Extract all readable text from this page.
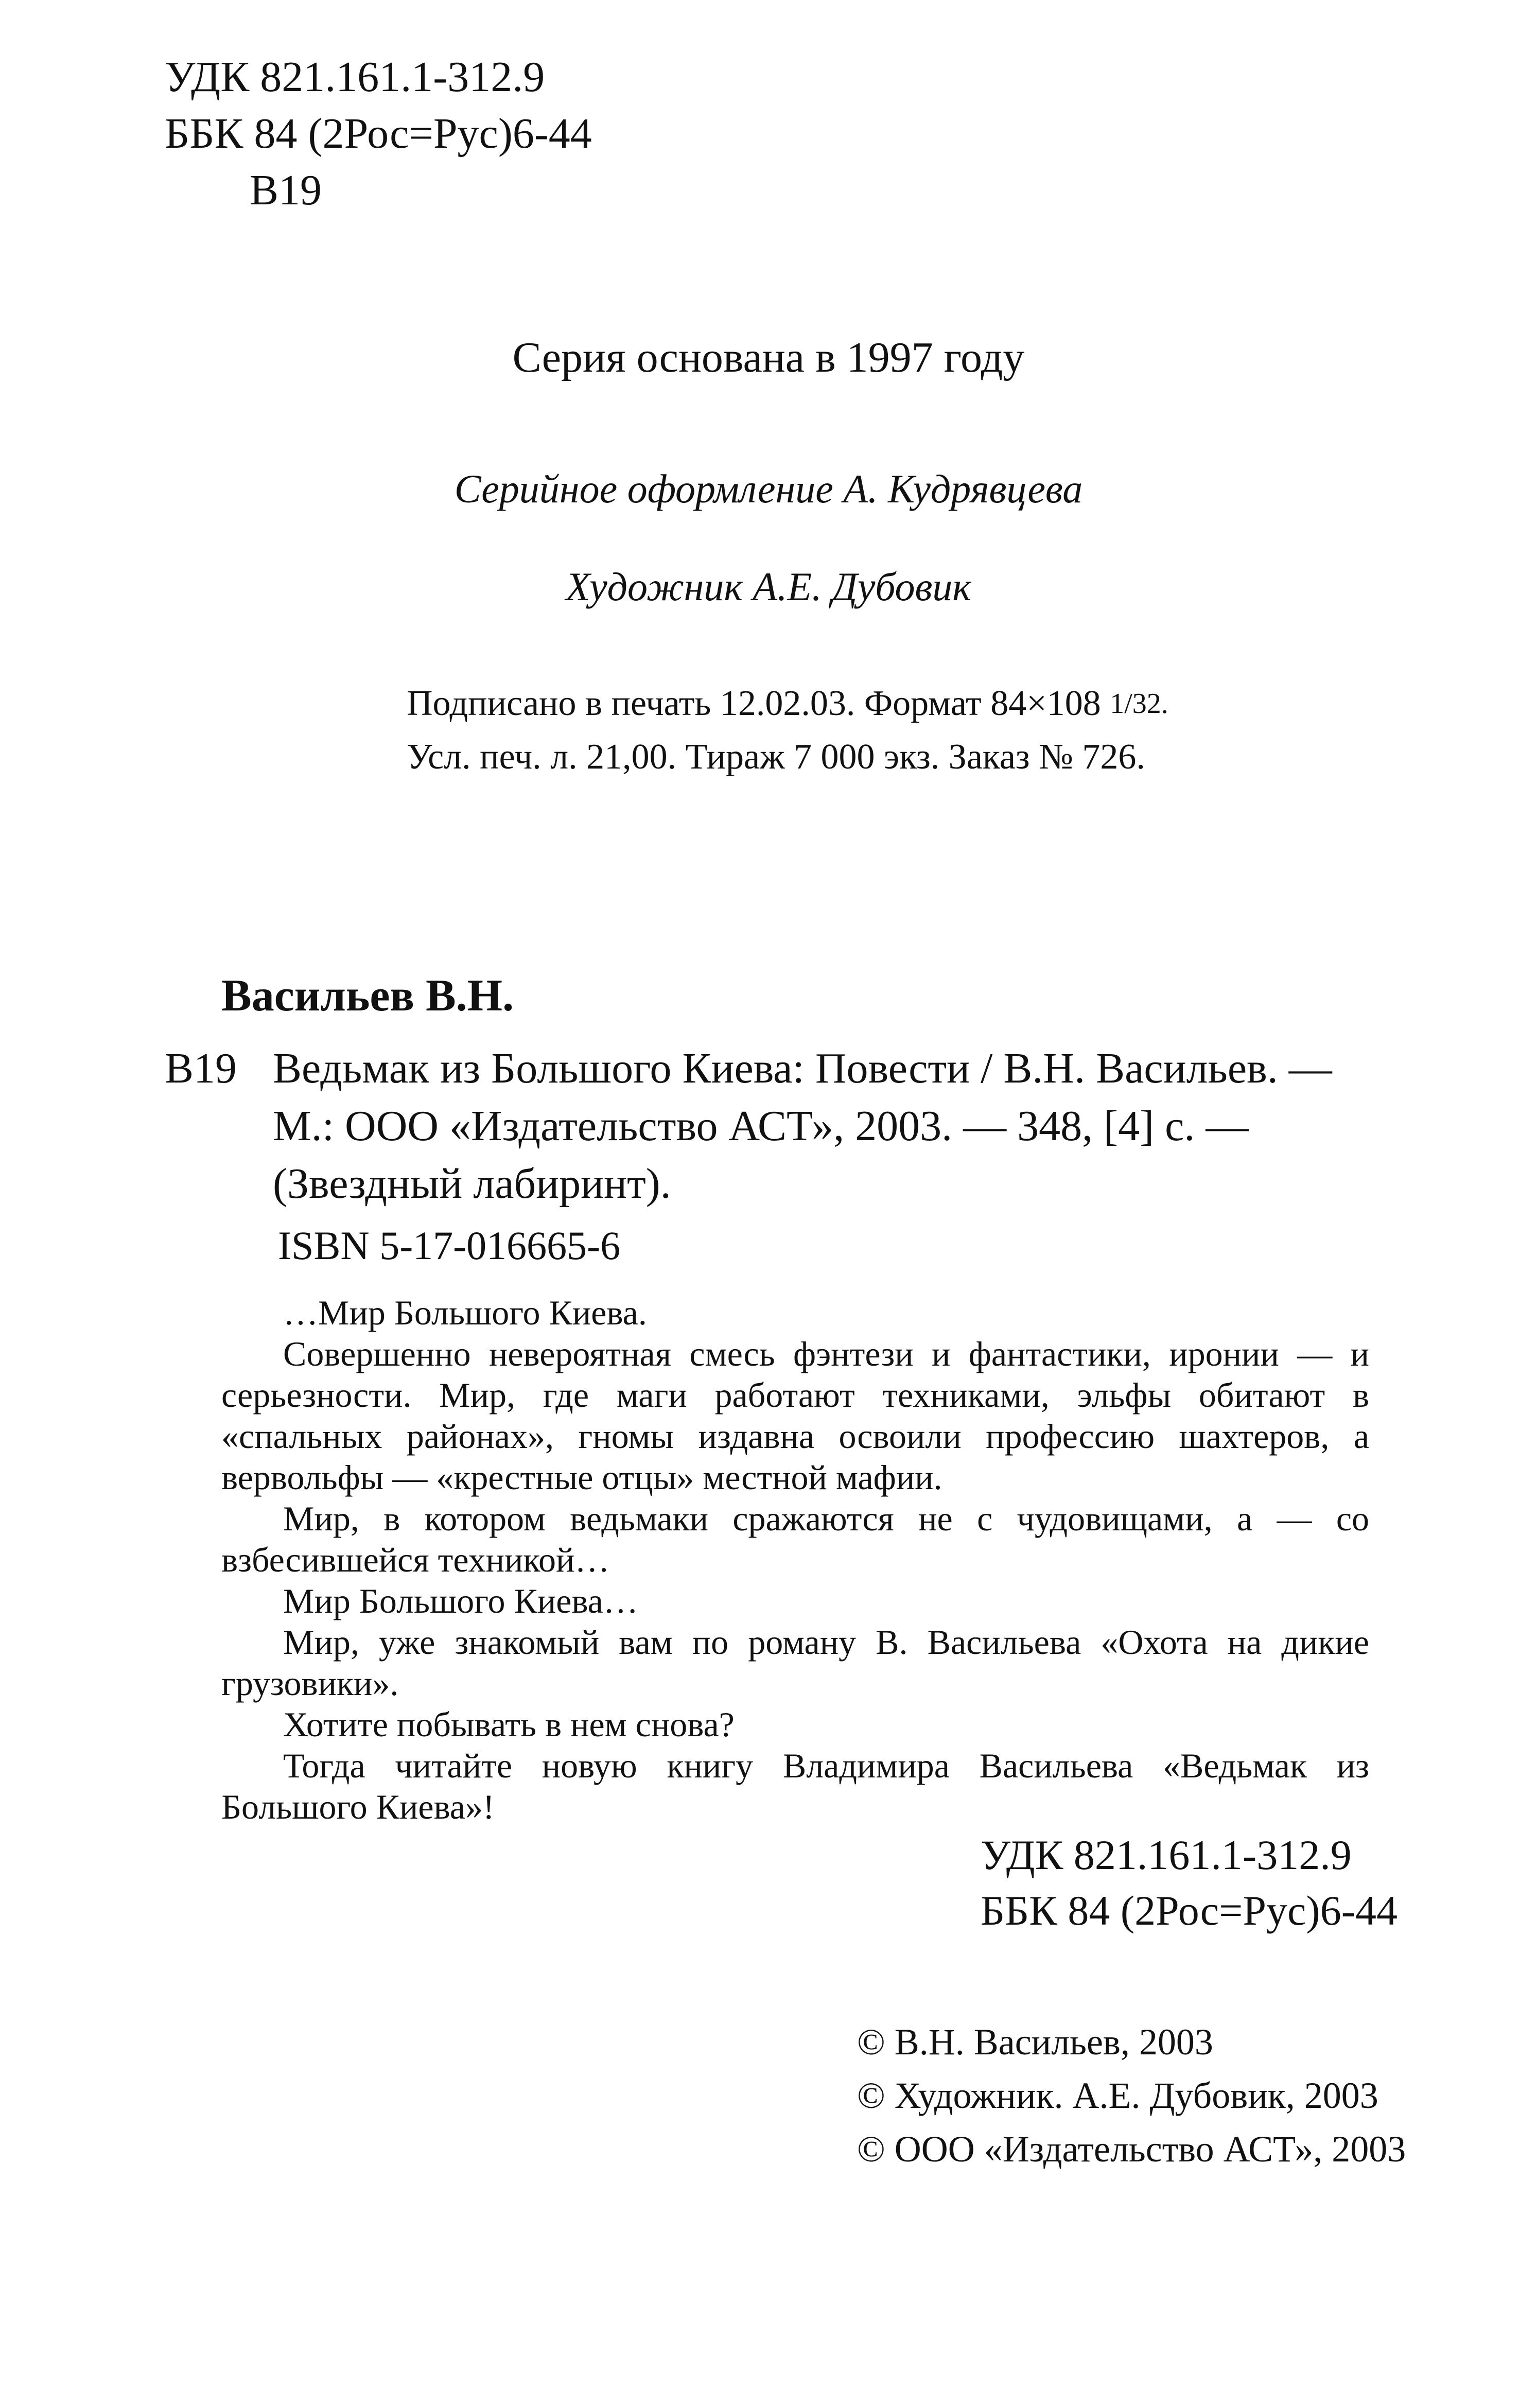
УДК 821.161.1-312.9
ББК 84 (2Рос=Рус)6-44
В19
Серия основана в 1997 году
Серийное оформление А. Кудрявцева
Художник А.Е. Дубовик
Подписано в печать 12.02.03. Формат 84×108 $^{1/32.}$
Усл. печ. л. 21,00. Тираж 7 000 экз. Заказ № 726.
Васильев В.Н.
В19 Ведьмак из Большого Киева: Повести / В.Н. Васильев. — М.: ООО «Издательство АСТ», 2003. — 348, [4] с. — (Звездный лабиринт).
ISBN 5-17-016665-6

…Мир Большого Киева.

Совершенно невероятная смесь фэнтези и фантастики, иронии — и серьезности. Мир, где маги работают техниками, эльфы обитают в «спальных районах», гномы издавна освоили профессию шахтеров, а вервольфы — «крестные отцы» местной мафии.

Мир, в котором ведьмаки сражаются не с чудовищами, а — со взбесившейся техникой…

Мир Большого Киева…

Мир, уже знакомый вам по роману В. Васильева «Охота на дикие грузовики».

Хотите побывать в нем снова?

Тогда читайте новую книгу Владимира Васильева «Ведьмак из Большого Киева»!

УДК 821.161.1-312.9
ББК 84 (2Рос=Рус)6-44
© В.Н. Васильев, 2003
© Художник. А.Е. Дубовик, 2003
© ООО «Издательство АСТ», 2003
